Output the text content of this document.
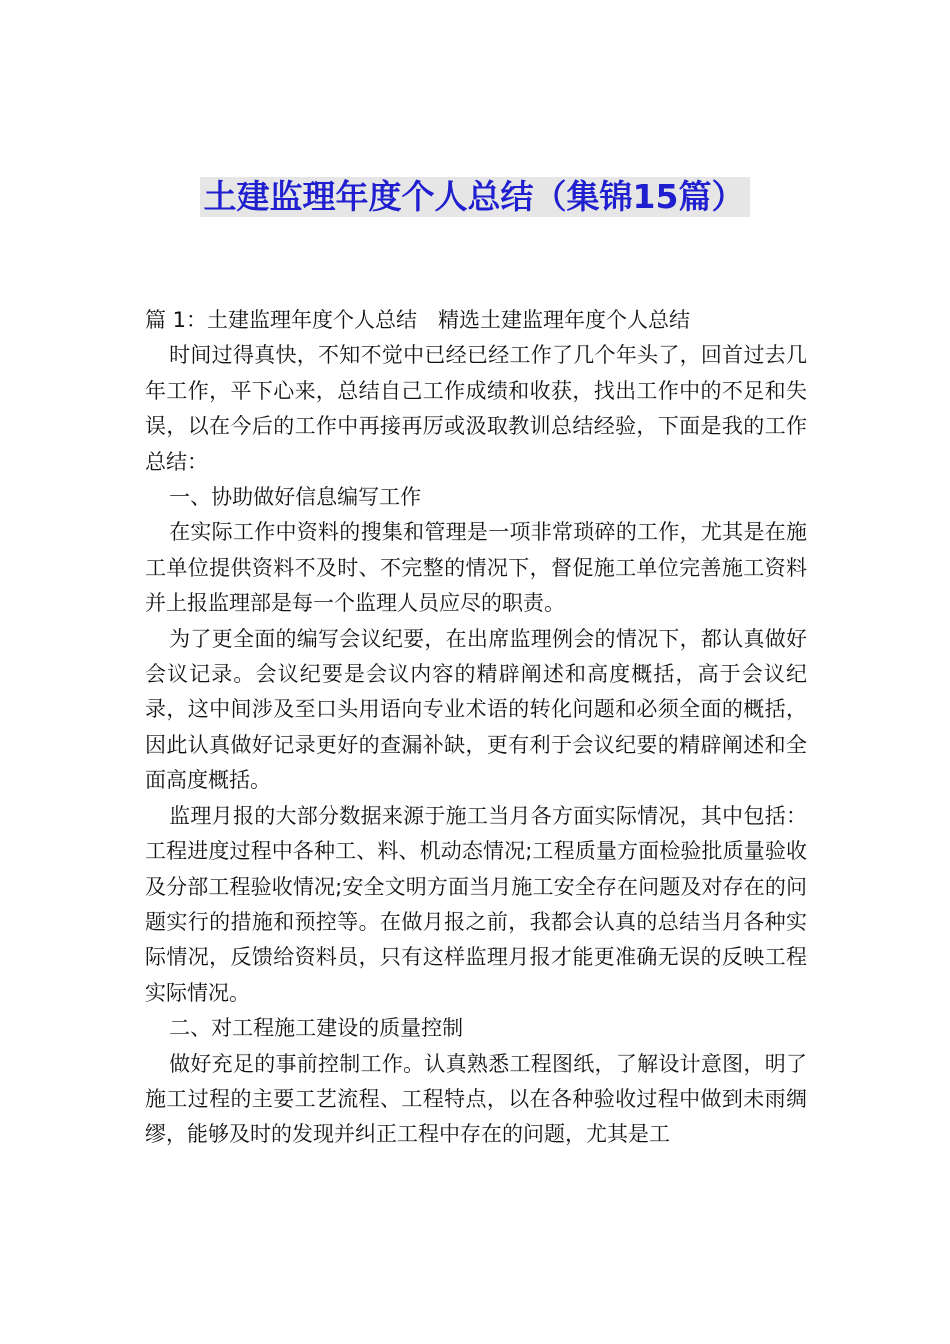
土建监理年度个人总结（集锦15篇）

篇 1：土建监理年度个人总结　精选土建监理年度个人总结

时间过得真快，不知不觉中已经已经工作了几个年头了，回首过去几年工作，平下心来，总结自己工作成绩和收获，找出工作中的不足和失误，以在今后的工作中再接再厉或汲取教训总结经验，下面是我的工作总结：

一、协助做好信息编写工作

在实际工作中资料的搜集和管理是一项非常琐碎的工作，尤其是在施工单位提供资料不及时、不完整的情况下，督促施工单位完善施工资料并上报监理部是每一个监理人员应尽的职责。

为了更全面的编写会议纪要，在出席监理例会的情况下，都认真做好会议记录。会议纪要是会议内容的精辟阐述和高度概括，高于会议纪录，这中间涉及至口头用语向专业术语的转化问题和必须全面的概括，因此认真做好记录更好的查漏补缺，更有利于会议纪要的精辟阐述和全面高度概括。

监理月报的大部分数据来源于施工当月各方面实际情况，其中包括：工程进度过程中各种工、料、机动态情况;工程质量方面检验批质量验收及分部工程验收情况;安全文明方面当月施工安全存在问题及对存在的问题实行的措施和预控等。在做月报之前，我都会认真的总结当月各种实际情况，反馈给资料员，只有这样监理月报才能更准确无误的反映工程实际情况。

二、对工程施工建设的质量控制

做好充足的事前控制工作。认真熟悉工程图纸，了解设计意图，明了施工过程的主要工艺流程、工程特点，以在各种验收过程中做到未雨绸缪，能够及时的发现并纠正工程中存在的问题，尤其是工
